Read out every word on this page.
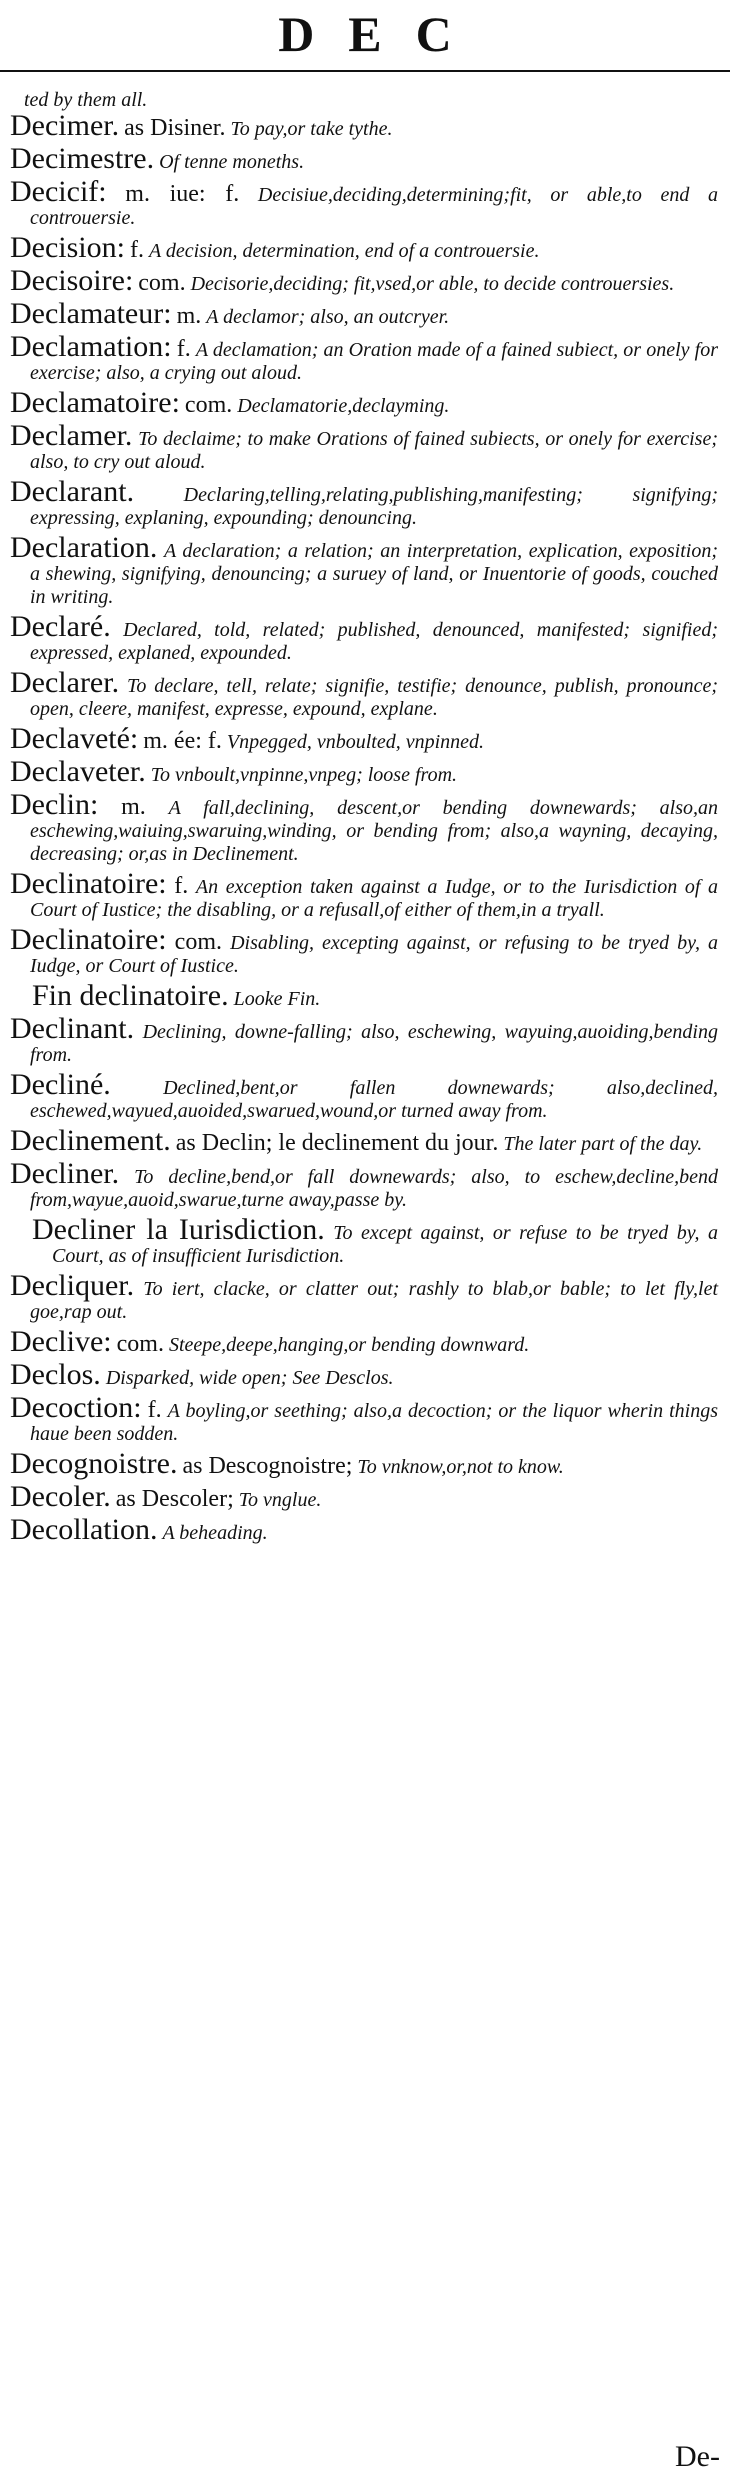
DEC
ted by them all.
Decimer. as Disiner. To pay,or take tythe.
Decimestre. Of tenne moneths.
Decicif: m. iue: f. Decisiue,deciding,determining;fit, or able,to end a controuersie.
Decision: f. A decision, determination, end of a controuersie.
Decisoire: com. Decisorie,deciding; fit,vsed,or able, to decide controuersies.
Declamateur: m. A declamor; also, an outcryer.
Declamation: f. A declamation; an Oration made of a fained subiect, or onely for exercise; also, a crying out aloud.
Declamatoire: com. Declamatorie,declayming.
Declamer. To declaime; to make Orations of fained subiects, or onely for exercise; also, to cry out aloud.
Declarant. Declaring,telling,relating,publishing,manifesting; signifying; expressing, explaning, expounding; denouncing.
Declaration. A declaration; a relation; an interpretation, explication, exposition; a shewing, signifying, denouncing; a suruey of land, or Inuentorie of goods, couched in writing.
Declaré. Declared, told, related; published, denounced, manifested; signified; expressed, explaned, expounded.
Declarer. To declare, tell, relate; signifie, testifie; denounce, publish, pronounce; open, cleere, manifest, expresse, expound, explane.
Declaveté: m. ée: f. Vnpegged, vnboulted, vnpinned.
Declaveter. To vnboult,vnpinne,vnpeg; loose from.
Declin: m. A fall,declining, descent,or bending downewards; also,an eschewing,waiuing,swaruing,winding, or bending from; also,a wayning, decaying, decreasing; or,as in Declinement.
Declinatoire: f. An exception taken against a Iudge, or to the Iurisdiction of a Court of Iustice; the disabling, or a refusall,of either of them,in a tryall.
Declinatoire: com. Disabling, excepting against, or refusing to be tryed by, a Iudge, or Court of Iustice.
Fin declinatoire. Looke Fin.
Declinant. Declining, downe-falling; also, eschewing, wayuing,auoiding,bending from.
Decliné.	Declined,bent,or fallen downewards; also,declined, eschewed,wayued,auoided,swarued,wound,or turned away from.
Declinement. as Declin; le declinement du jour. The later part of the day.
Decliner. To decline,bend,or fall downewards; also, to eschew,decline,bend from,wayue,auoid,swarue,turne away,passe by.
Decliner la Iurisdiction. To except against, or refuse to be tryed by, a Court, as of insufficient Iurisdiction.
Decliquer. To iert, clacke, or clatter out; rashly to blab,or bable; to let fly,let goe,rap out.
Declive: com. Steepe,deepe,hanging,or bending downward.
Declos. Disparked, wide open; See Desclos.
Decoction: f. A boyling,or seething; also,a decoction; or the liquor wherin things haue been sodden.
Decognoistre. as Descognoistre; To vnknow,or,not to know.
Decoler. as Descoler; To vnglue.
Decollation. A beheading.
De-
